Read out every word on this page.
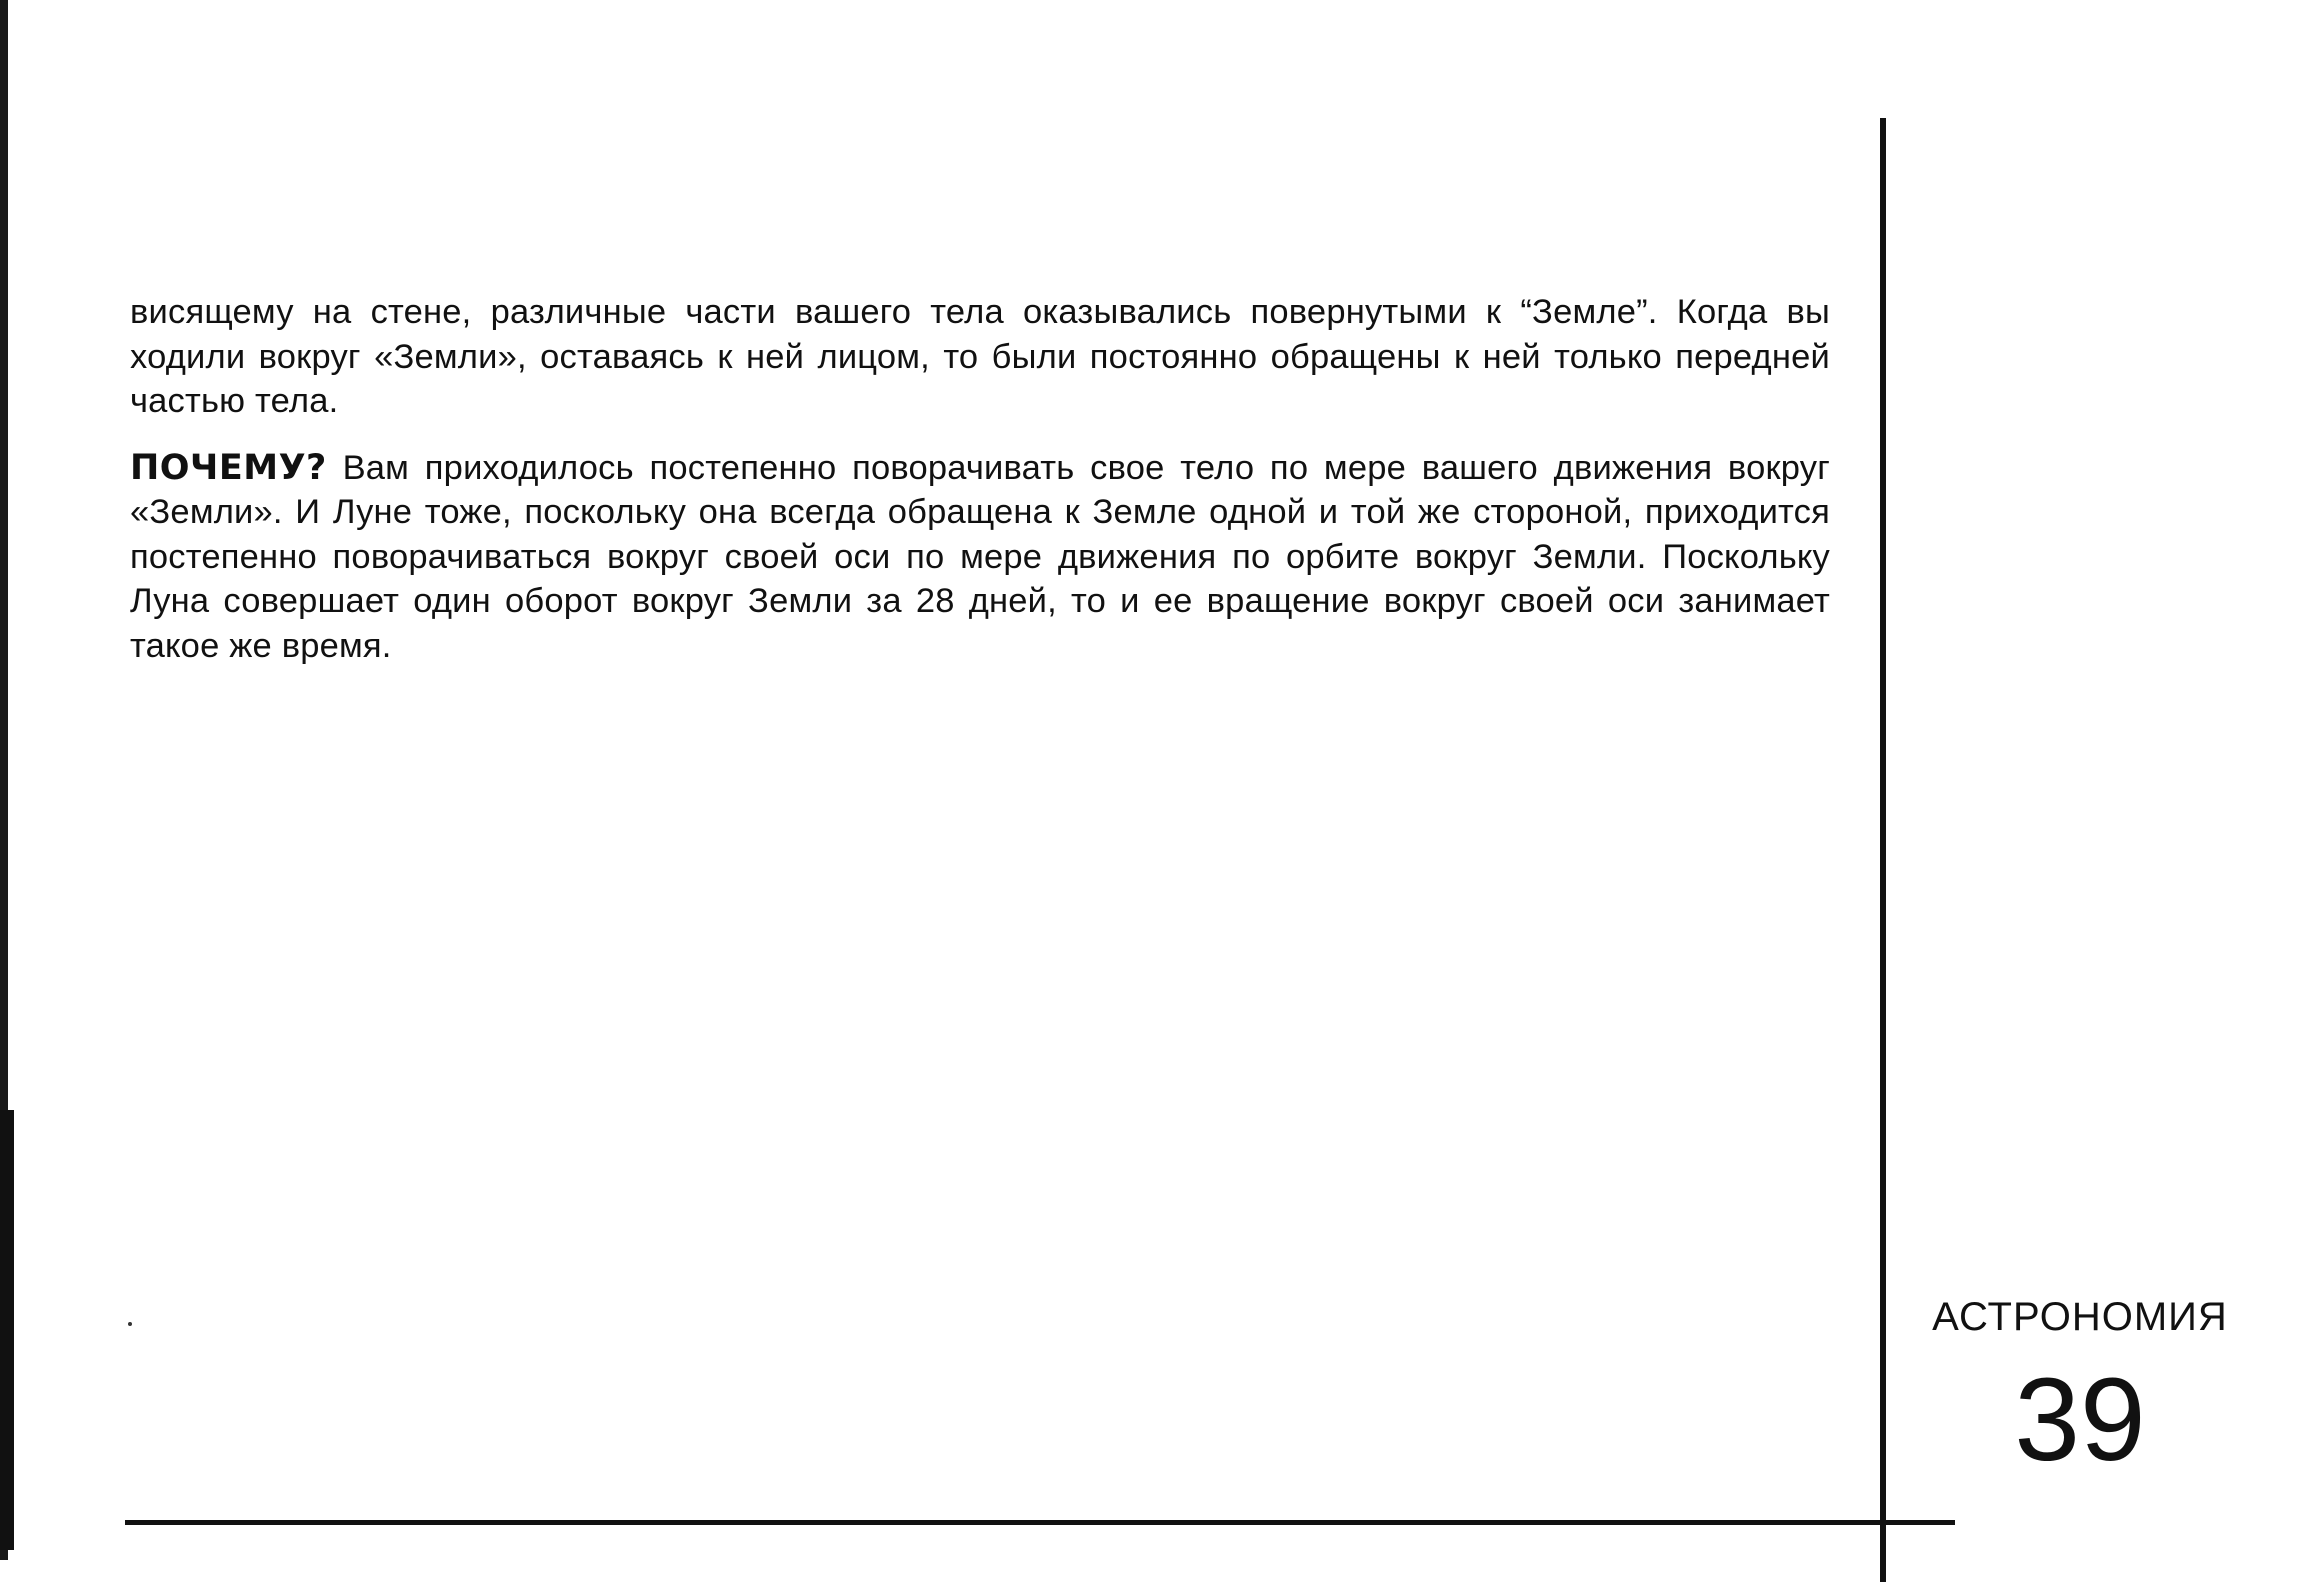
висящему на стене, различные части вашего тела оказывались повернутыми к “Земле”. Когда вы ходили вокруг «Земли», оставаясь к ней лицом, то были постоянно обращены к ней только передней частью тела.

ПОЧЕМУ? Вам приходилось постепенно поворачивать свое тело по мере вашего движения вокруг «Земли». И Луне тоже, поскольку она всегда обращена к Земле одной и той же стороной, приходится постепенно поворачиваться вокруг своей оси по мере движения по орбите вокруг Земли. Поскольку Луна совершает один оборот вокруг Земли за 28 дней, то и ее вращение вокруг своей оси занимает такое же время.

АСТРОНОМИЯ
39
